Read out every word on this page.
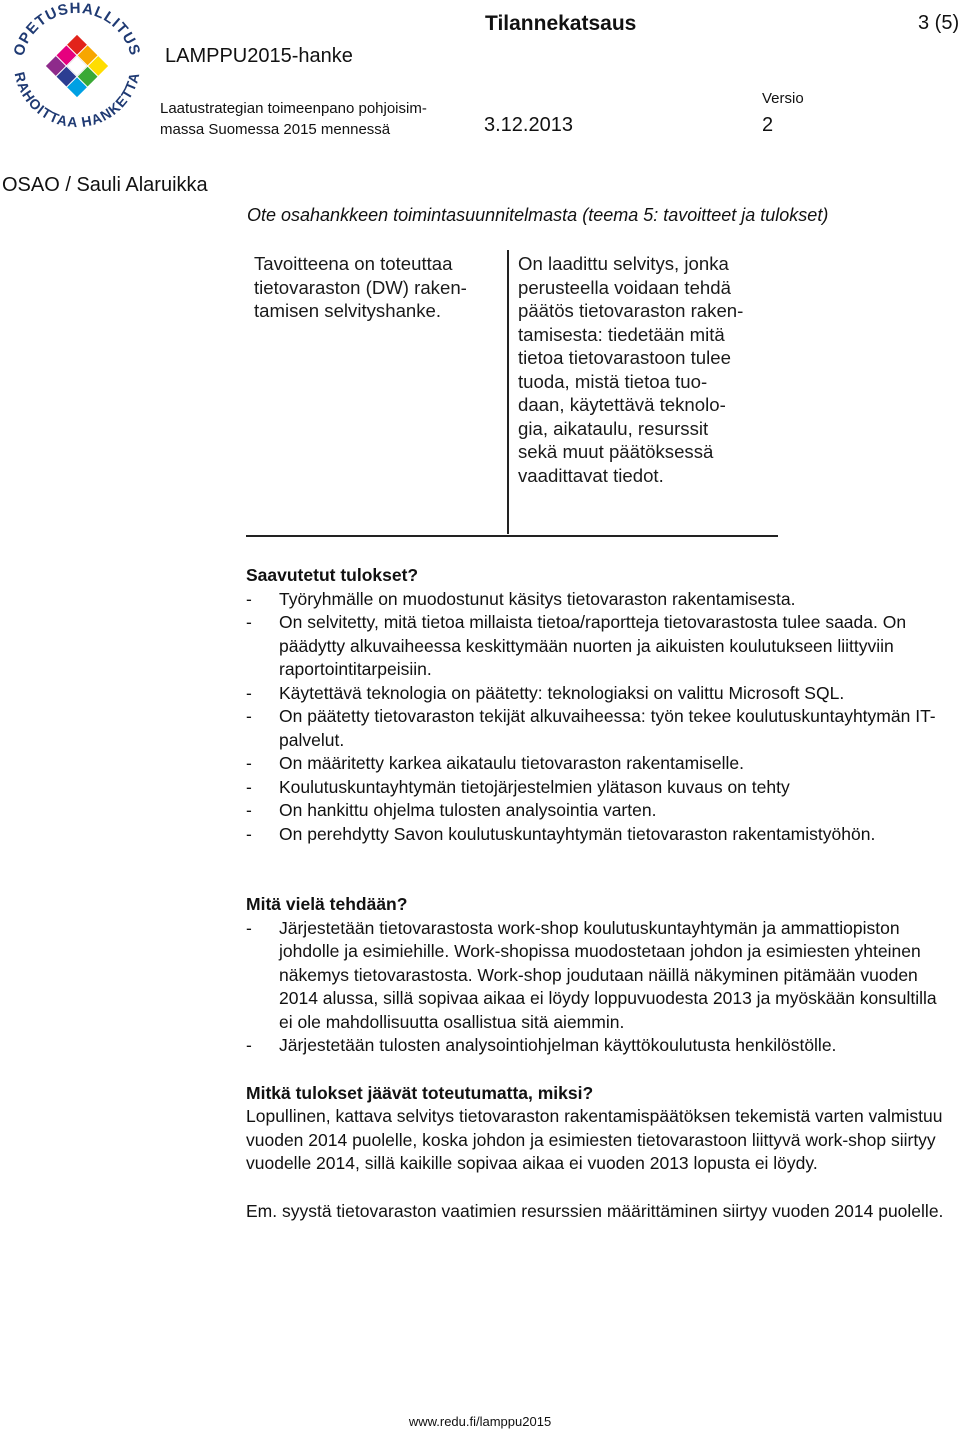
OPETUSHALLITUS
RAHOITTAA HANKETTA
LAMPPU2015-hanke
Tilannekatsaus	3 (5)
Laatustrategian toimeenpano pohjoisim-
massa Suomessa 2015 mennessä	3.12.2013
Versio
2
OSAO / Sauli Alaruikka
Ote osahankkeen toimintasuunnitelmasta (teema 5: tavoitteet ja tulokset)
Tavoitteena on toteuttaa
tietovaraston (DW) raken-
tamisen selvityshanke.
On laadittu selvitys, jonka
perusteella voidaan tehdä
päätös tietovaraston raken-
tamisesta: tiedetään mitä
tietoa tietovarastoon tulee
tuoda, mistä tietoa tuo-
daan, käytettävä teknolo-
gia, aikataulu, resurssit
sekä muut päätöksessä
vaadittavat tiedot.
Saavutetut tulokset?
- Työryhmälle on muodostunut käsitys tietovaraston rakentamisesta.
- On selvitetty, mitä tietoa millaista tietoa/raportteja tietovarastosta tulee saada. On päädytty alkuvaiheessa keskittymään nuorten ja aikuisten koulutukseen liittyviin raportointitarpeisiin.
- Käytettävä teknologia on päätetty: teknologiaksi on valittu Microsoft SQL.
- On päätetty tietovaraston tekijät alkuvaiheessa: työn tekee koulutuskuntayhtymän IT-palvelut.
- On määritetty karkea aikataulu tietovaraston rakentamiselle.
- Koulutuskuntayhtymän tietojärjestelmien ylätason kuvaus on tehty
- On hankittu ohjelma tulosten analysointia varten.
- On perehdytty Savon koulutuskuntayhtymän tietovaraston rakentamistyöhön.
Mitä vielä tehdään?
- Järjestetään tietovarastosta work-shop koulutuskuntayhtymän ja ammattiopiston johdolle ja esimiehille. Work-shopissa muodostetaan johdon ja esimiesten yhteinen näkemys tietovarastosta. Work-shop joudutaan näillä näkyminen pitämään vuoden 2014 alussa, sillä sopivaa aikaa ei löydy loppuvuodesta 2013 ja myöskään konsultilla ei ole mahdollisuutta osallistua sitä aiemmin.
- Järjestetään tulosten analysointiohjelman käyttökoulutusta henkilöstölle.
Mitkä tulokset jäävät toteutumatta, miksi?

Lopullinen, kattava selvitys tietovaraston rakentamispäätöksen tekemistä varten valmistuu vuoden 2014 puolelle, koska johdon ja esimiesten tietovarastoon liittyvä work-shop siirtyy vuodelle 2014, sillä kaikille sopivaa aikaa ei vuoden 2013 lopusta ei löydy.

Em. syystä tietovaraston vaatimien resurssien määrittäminen siirtyy vuoden 2014 puolelle.

www.redu.fi/lamppu2015
